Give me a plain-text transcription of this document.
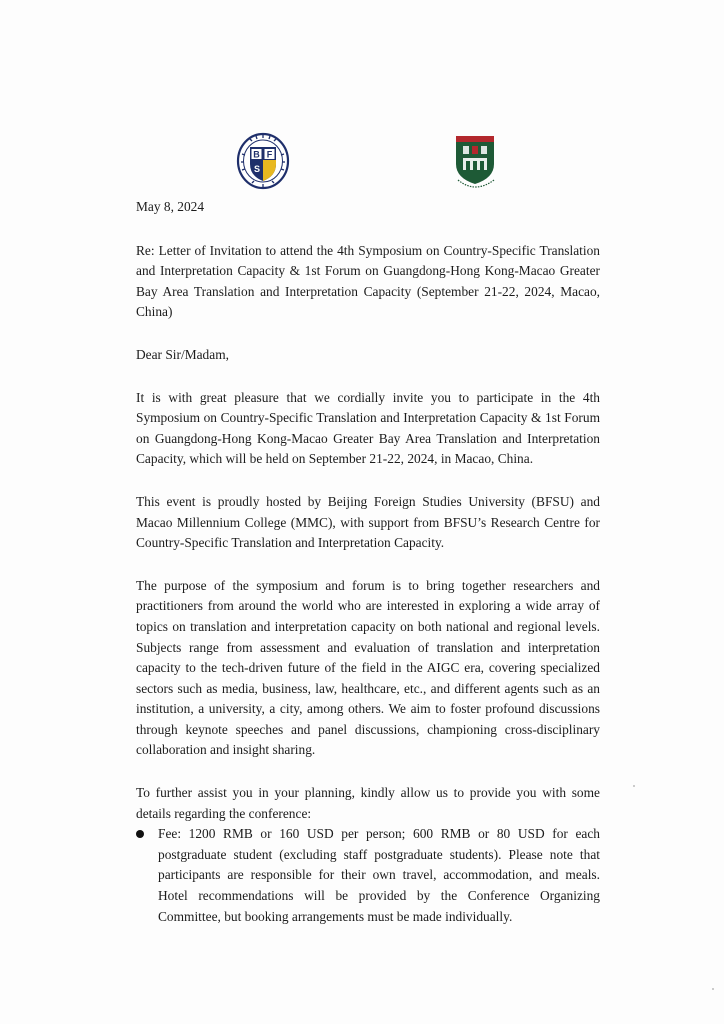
B F
S

May 8, 2024

Re: Letter of Invitation to attend the 4th Symposium on Country-Specific Translation and Interpretation Capacity & 1st Forum on Guangdong-Hong Kong-Macao Greater Bay Area Translation and Interpretation Capacity (September 21-22, 2024, Macao, China)

Dear Sir/Madam,

It is with great pleasure that we cordially invite you to participate in the 4th Symposium on Country-Specific Translation and Interpretation Capacity & 1st Forum on Guangdong-Hong Kong-Macao Greater Bay Area Translation and Interpretation Capacity, which will be held on September 21-22, 2024, in Macao, China.

This event is proudly hosted by Beijing Foreign Studies University (BFSU) and Macao Millennium College (MMC), with support from BFSU’s Research Centre for Country-Specific Translation and Interpretation Capacity.

The purpose of the symposium and forum is to bring together researchers and practitioners from around the world who are interested in exploring a wide array of topics on translation and interpretation capacity on both national and regional levels. Subjects range from assessment and evaluation of translation and interpretation capacity to the tech-driven future of the field in the AIGC era, covering specialized sectors such as media, business, law, healthcare, etc., and different agents such as an institution, a university, a city, among others. We aim to foster profound discussions through keynote speeches and panel discussions, championing cross-disciplinary collaboration and insight sharing.

To further assist you in your planning, kindly allow us to provide you with some details regarding the conference:

Fee: 1200 RMB or 160 USD per person; 600 RMB or 80 USD for each postgraduate student (excluding staff postgraduate students). Please note that participants are responsible for their own travel, accommodation, and meals. Hotel recommendations will be provided by the Conference Organizing Committee, but booking arrangements must be made individually.
